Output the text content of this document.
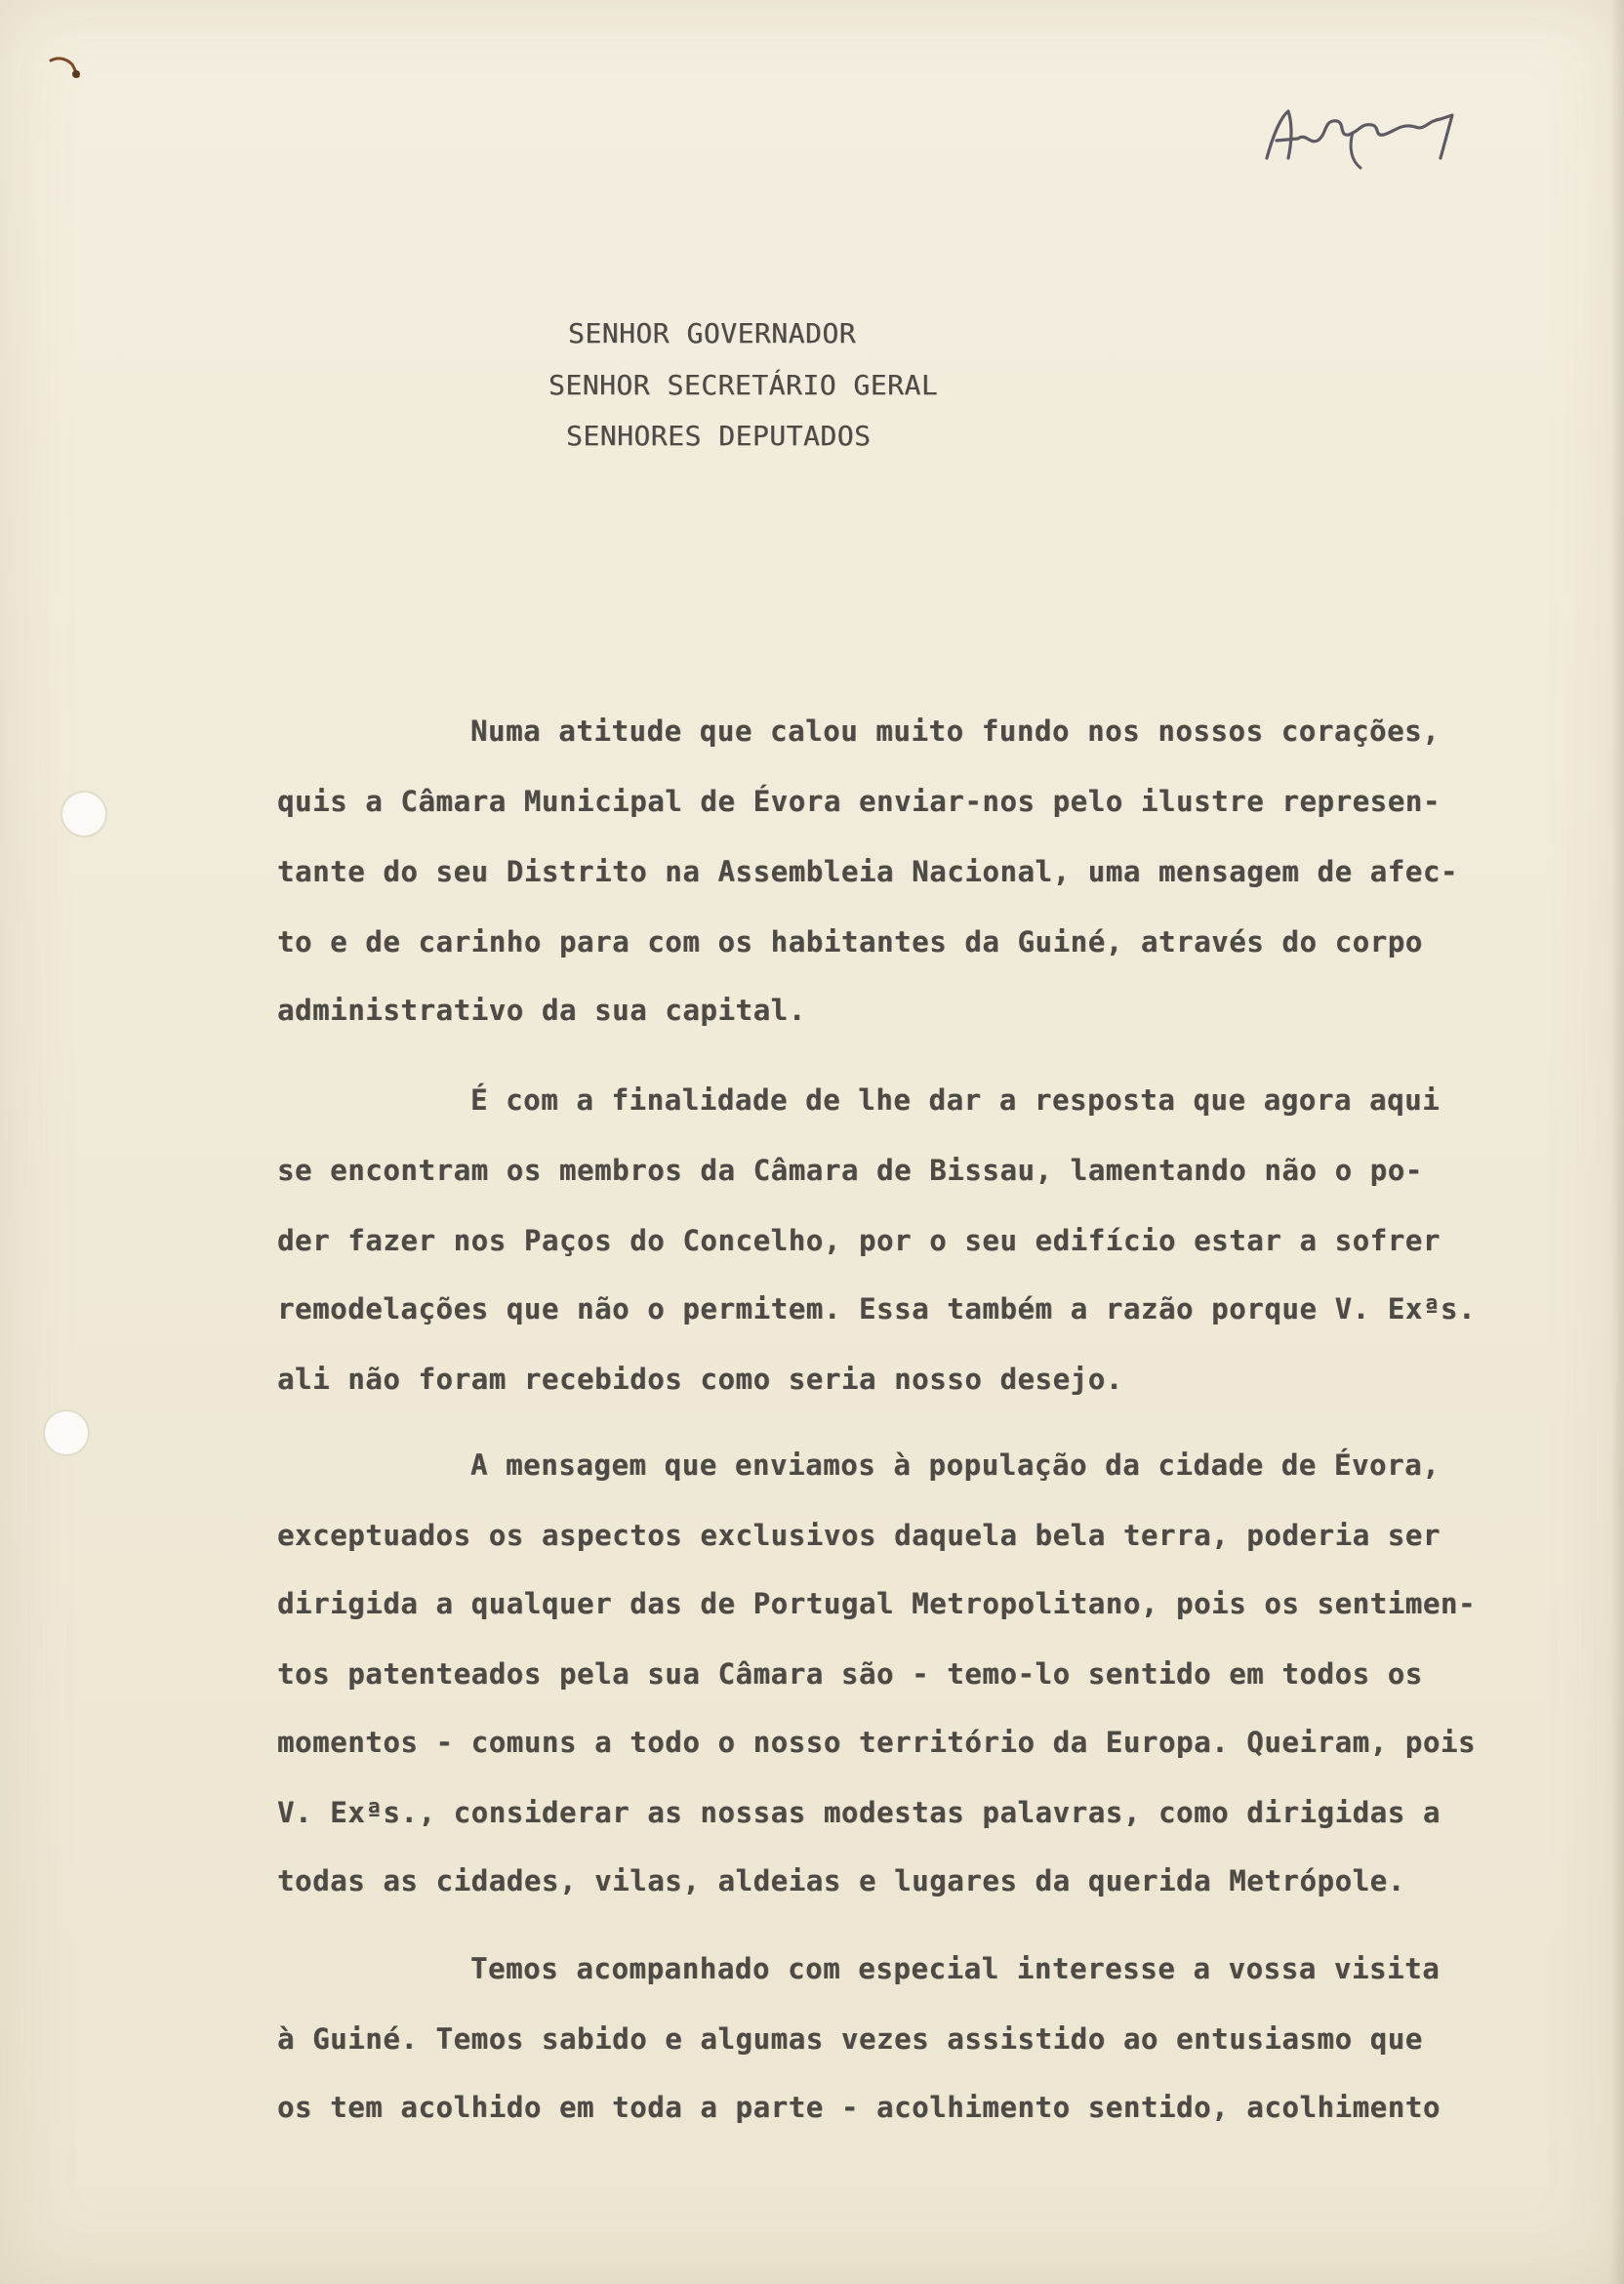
SENHOR GOVERNADOR
SENHOR SECRETÁRIO GERAL
SENHORES DEPUTADOS
Numa atitude que calou muito fundo nos nossos corações,
quis a Câmara Municipal de Évora enviar-nos pelo ilustre represen-
tante do seu Distrito na Assembleia Nacional, uma mensagem de afec-
to e de carinho para com os habitantes da Guiné, através do corpo
administrativo da sua capital.
É com a finalidade de lhe dar a resposta que agora aqui
se encontram os membros da Câmara de Bissau, lamentando não o po-
der fazer nos Paços do Concelho, por o seu edifício estar a sofrer
remodelações que não o permitem. Essa também a razão porque V. Exªs.
ali não foram recebidos como seria nosso desejo.
A mensagem que enviamos à população da cidade de Évora,
exceptuados os aspectos exclusivos daquela bela terra, poderia ser
dirigida a qualquer das de Portugal Metropolitano, pois os sentimen-
tos patenteados pela sua Câmara são - temo-lo sentido em todos os
momentos - comuns a todo o nosso território da Europa. Queiram, pois
V. Exªs., considerar as nossas modestas palavras, como dirigidas a
todas as cidades, vilas, aldeias e lugares da querida Metrópole.
Temos acompanhado com especial interesse a vossa visita
à Guiné. Temos sabido e algumas vezes assistido ao entusiasmo que
os tem acolhido em toda a parte - acolhimento sentido, acolhimento
